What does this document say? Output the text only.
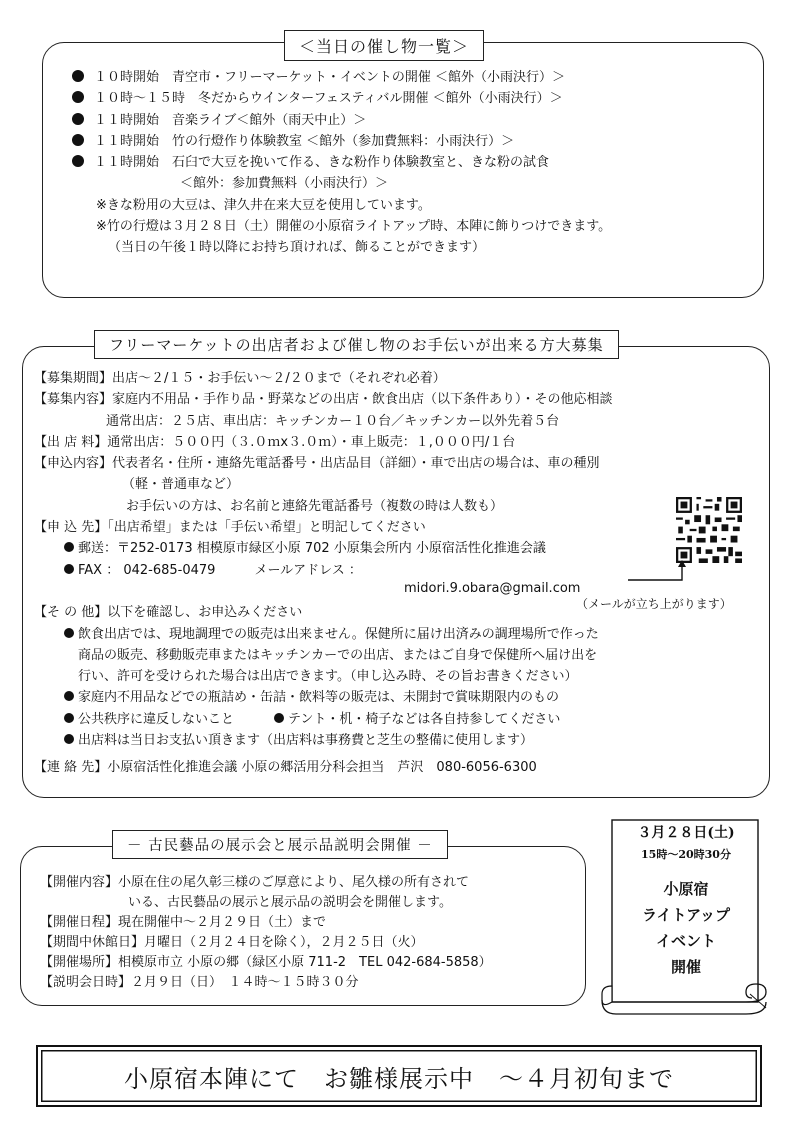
＜当日の催し物一覧＞
１０時開始　青空市・フリーマーケット・イベントの開催 ＜館外（小雨決行）＞
１０時～１５時　冬だからウインターフェスティバル開催 ＜館外（小雨決行）＞
１１時開始　音楽ライブ＜館外（雨天中止）＞
１１時開始　竹の行燈作り体験教室 ＜館外（参加費無料：小雨決行）＞
１１時開始　石臼で大豆を挽いて作る、きな粉作り体験教室と、きな粉の試食
＜館外：参加費無料（小雨決行）＞
※きな粉用の大豆は、津久井在来大豆を使用しています。
※竹の行燈は３月２８日（土）開催の小原宿ライトアップ時、本陣に飾りつけできます。
（当日の午後１時以降にお持ち頂ければ、飾ることができます）
フリーマーケットの出店者および催し物のお手伝いが出来る方大募集
【募集期間】出店～２/１５・お手伝い～２/２０まで（それぞれ必着）
【募集内容】家庭内不用品・手作り品・野菜などの出店・飲食出店（以下条件あり）・その他応相談
通常出店：２５店、車出店：キッチンカー１０台／キッチンカー以外先着５台
【出 店 料】通常出店：５００円（３.０ｍx３.０ｍ）・車上販売：１,０００円/１台
【申込内容】代表者名・住所・連絡先電話番号・出店品目（詳細）・車で出店の場合は、車の種別
（軽・普通車など）
お手伝いの方は、お名前と連絡先電話番号（複数の時は人数も）
【申 込 先】「出店希望」または「手伝い希望」と明記してください
郵送：〒252-0173 相模原市緑区小原 702 小原集会所内 小原宿活性化推進会議
FAX ： 042-685-0479　　　メールアドレス ：
【そ の 他】以下を確認し、お申込みください
飲食出店では、現地調理での販売は出来ません。保健所に届け出済みの調理場所で作った
商品の販売、移動販売車またはキッチンカーでの出店、またはご自身で保健所へ届け出を
行い、許可を受けられた場合は出店できます。（申し込み時、その旨お書きください）
家庭内不用品などでの瓶詰め・缶詰・飲料等の販売は、未開封で賞味期限内のもの
公共秩序に違反しないこと	テント・机・椅子などは各自持参してください
出店料は当日お支払い頂きます（出店料は事務費と芝生の整備に使用します）
【連 絡 先】小原宿活性化推進会議 小原の郷活用分科会担当　芦沢　080-6056-6300
midori.9.obara@gmail.com
（メールが立ち上がります）
－ 古民藝品の展示会と展示品説明会開催 －
【開催内容】小原在住の尾久彰三様のご厚意により、尾久様の所有されて
いる、古民藝品の展示と展示品の説明会を開催します。
【開催日程】現在開催中～２月２９日（土）まで
【期間中休館日】月曜日（２月２４日を除く），２月２５日（火）
【開催場所】相模原市立 小原の郷（緑区小原 711-2　TEL 042-684-5858）
【説明会日時】２月９日（日）　１４時～１５時３０分
３月２８日(土)
15時～20時30分
小原宿
ライトアップ
イベント
開催
小原宿本陣にて　お雛様展示中　～４月初旬まで
